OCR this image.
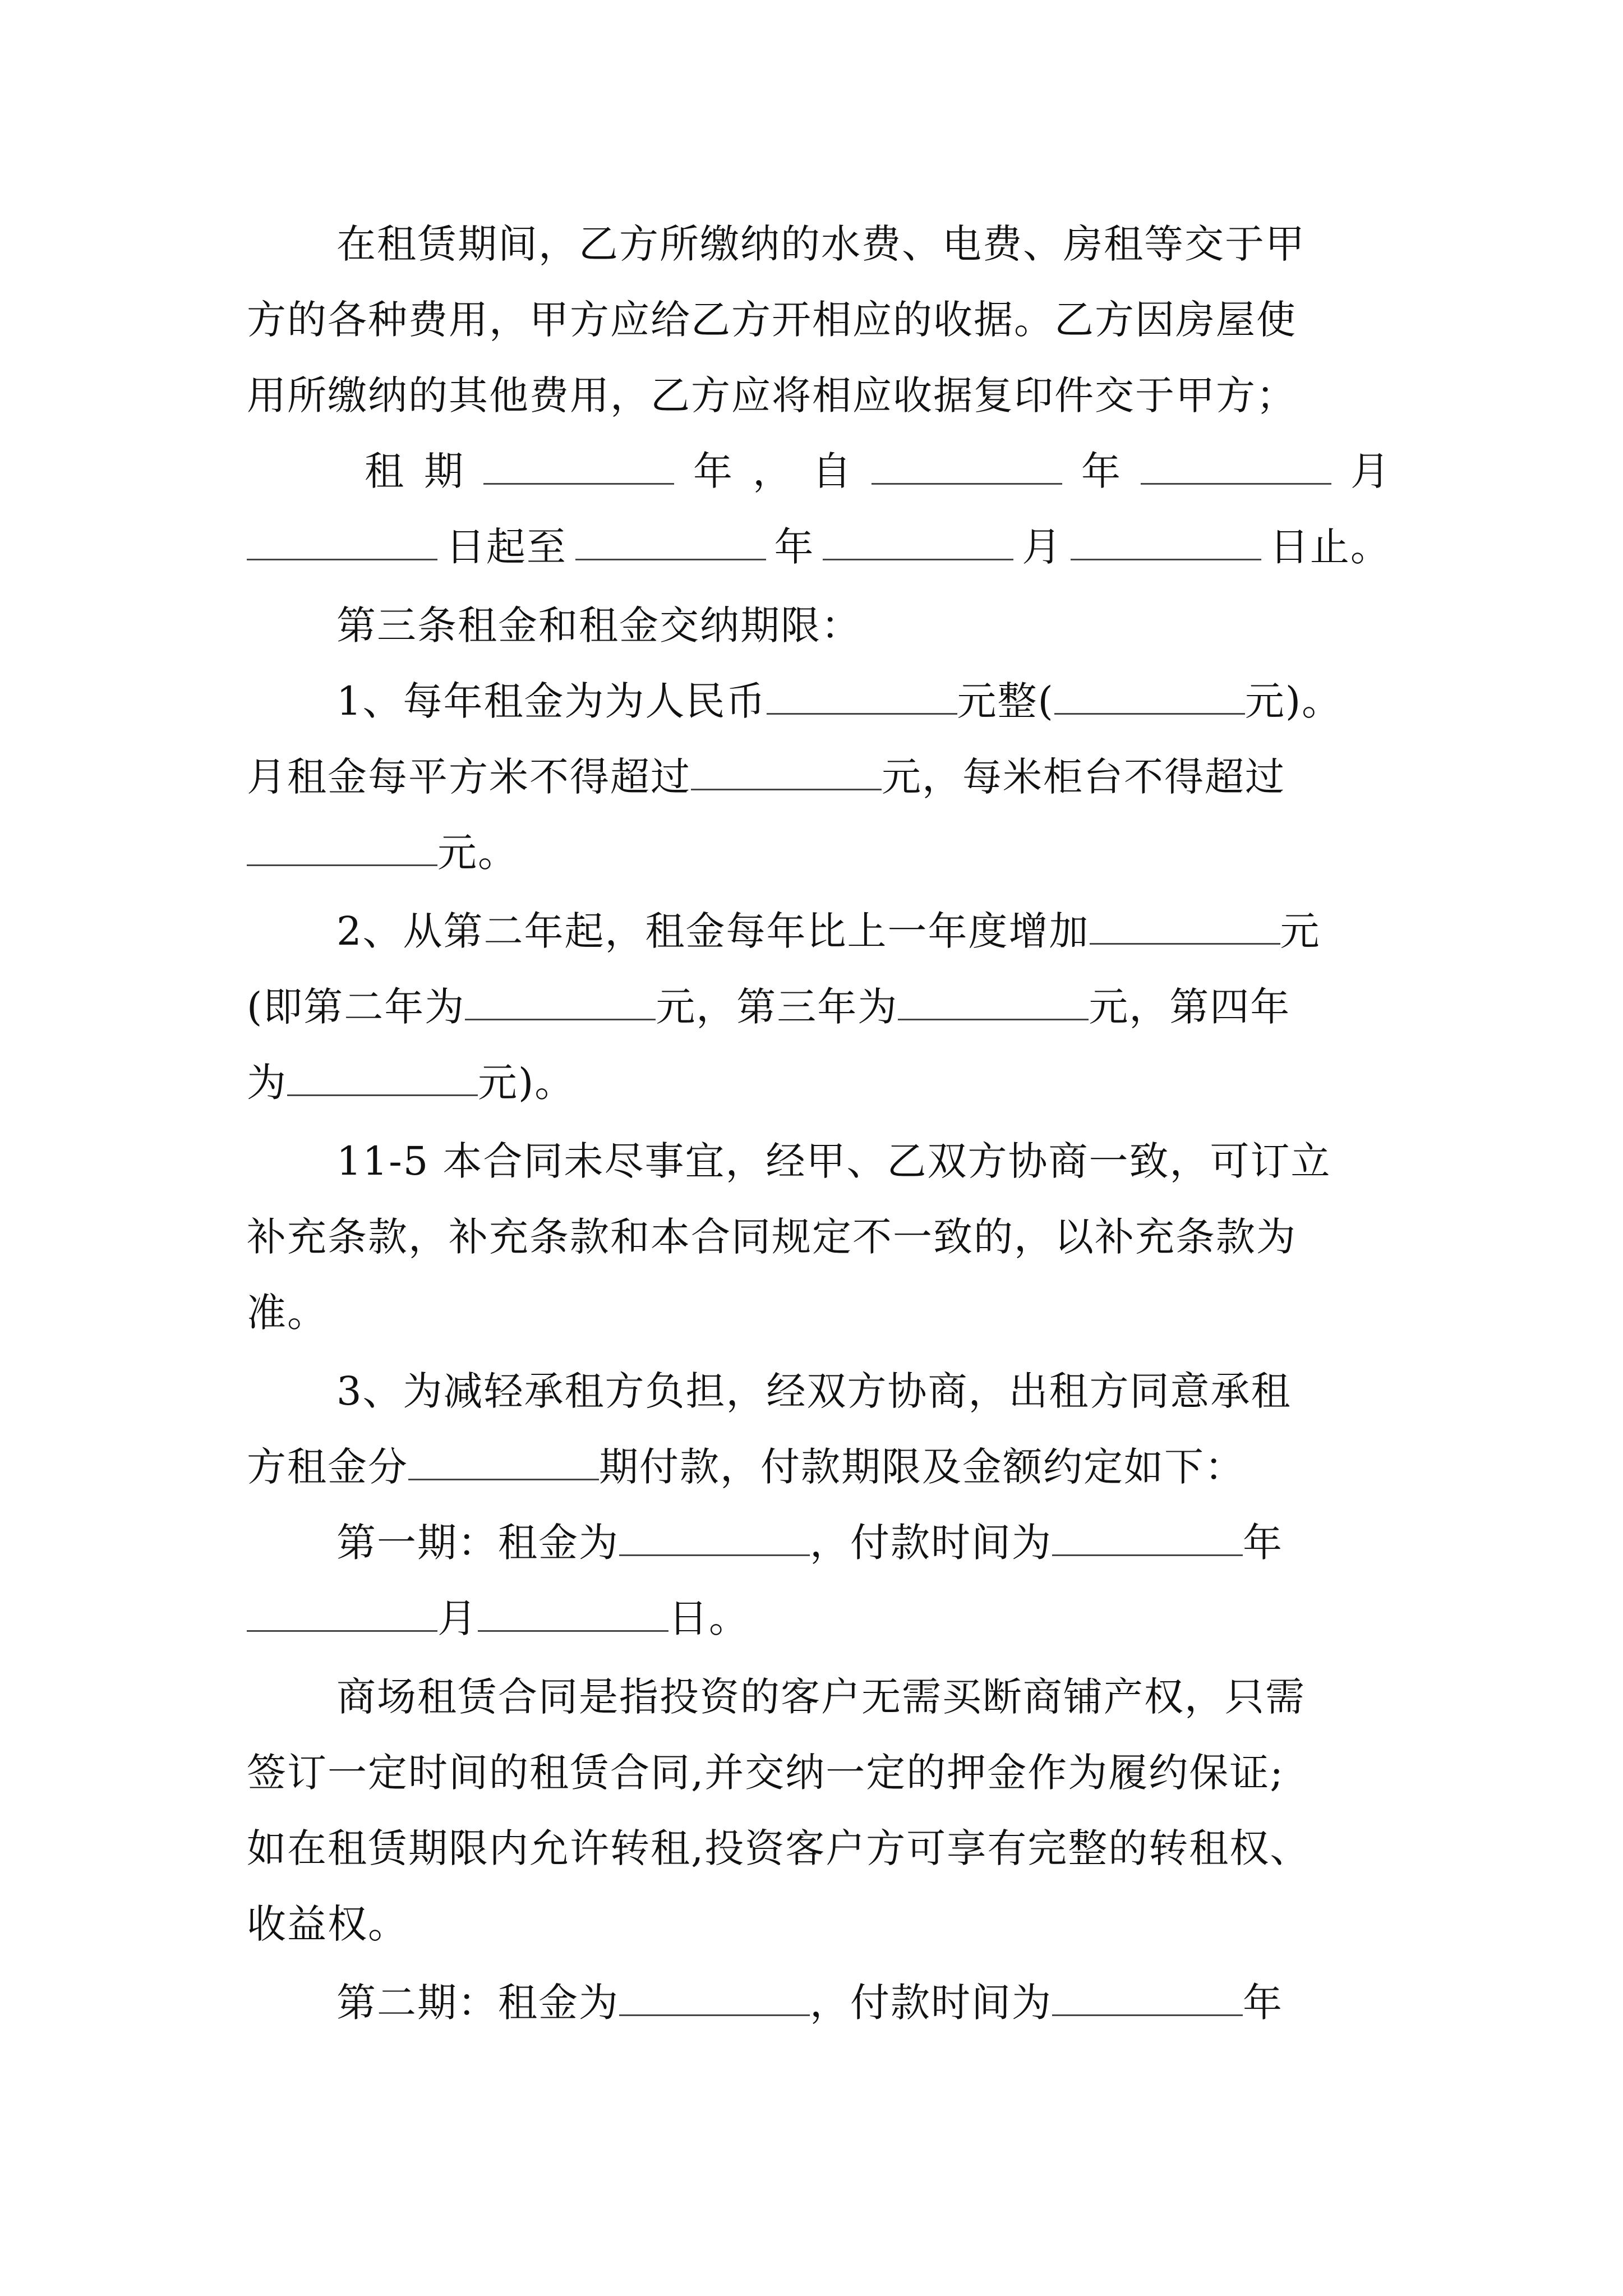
在租赁期间，乙方所缴纳的水费、电费、房租等交于甲
方的各种费用，甲方应给乙方开相应的收据。乙方因房屋使
用所缴纳的其他费用，乙方应将相应收据复印件交于甲方；
租 期	年 ， 自	年	月
日起至	年	月	日止。
第三条租金和租金交纳期限：
1、每年租金为为人民币	元整(	元)。
月租金每平方米不得超过	元，每米柜台不得超过
元。
2、从第二年起，租金每年比上一年度增加	元
(即第二年为	元，第三年为	元，第四年
为	元)。
11-5 本合同未尽事宜，经甲、乙双方协商一致，可订立
补充条款，补充条款和本合同规定不一致的，以补充条款为
准。
3、为减轻承租方负担，经双方协商，出租方同意承租
方租金分	期付款，付款期限及金额约定如下：
第一期：租金为	，付款时间为	年
月	日。
商场租赁合同是指投资的客户无需买断商铺产权，只需
签订一定时间的租赁合同,并交纳一定的押金作为履约保证;
如在租赁期限内允许转租,投资客户方可享有完整的转租权、
收益权。
第二期：租金为	，付款时间为	年
